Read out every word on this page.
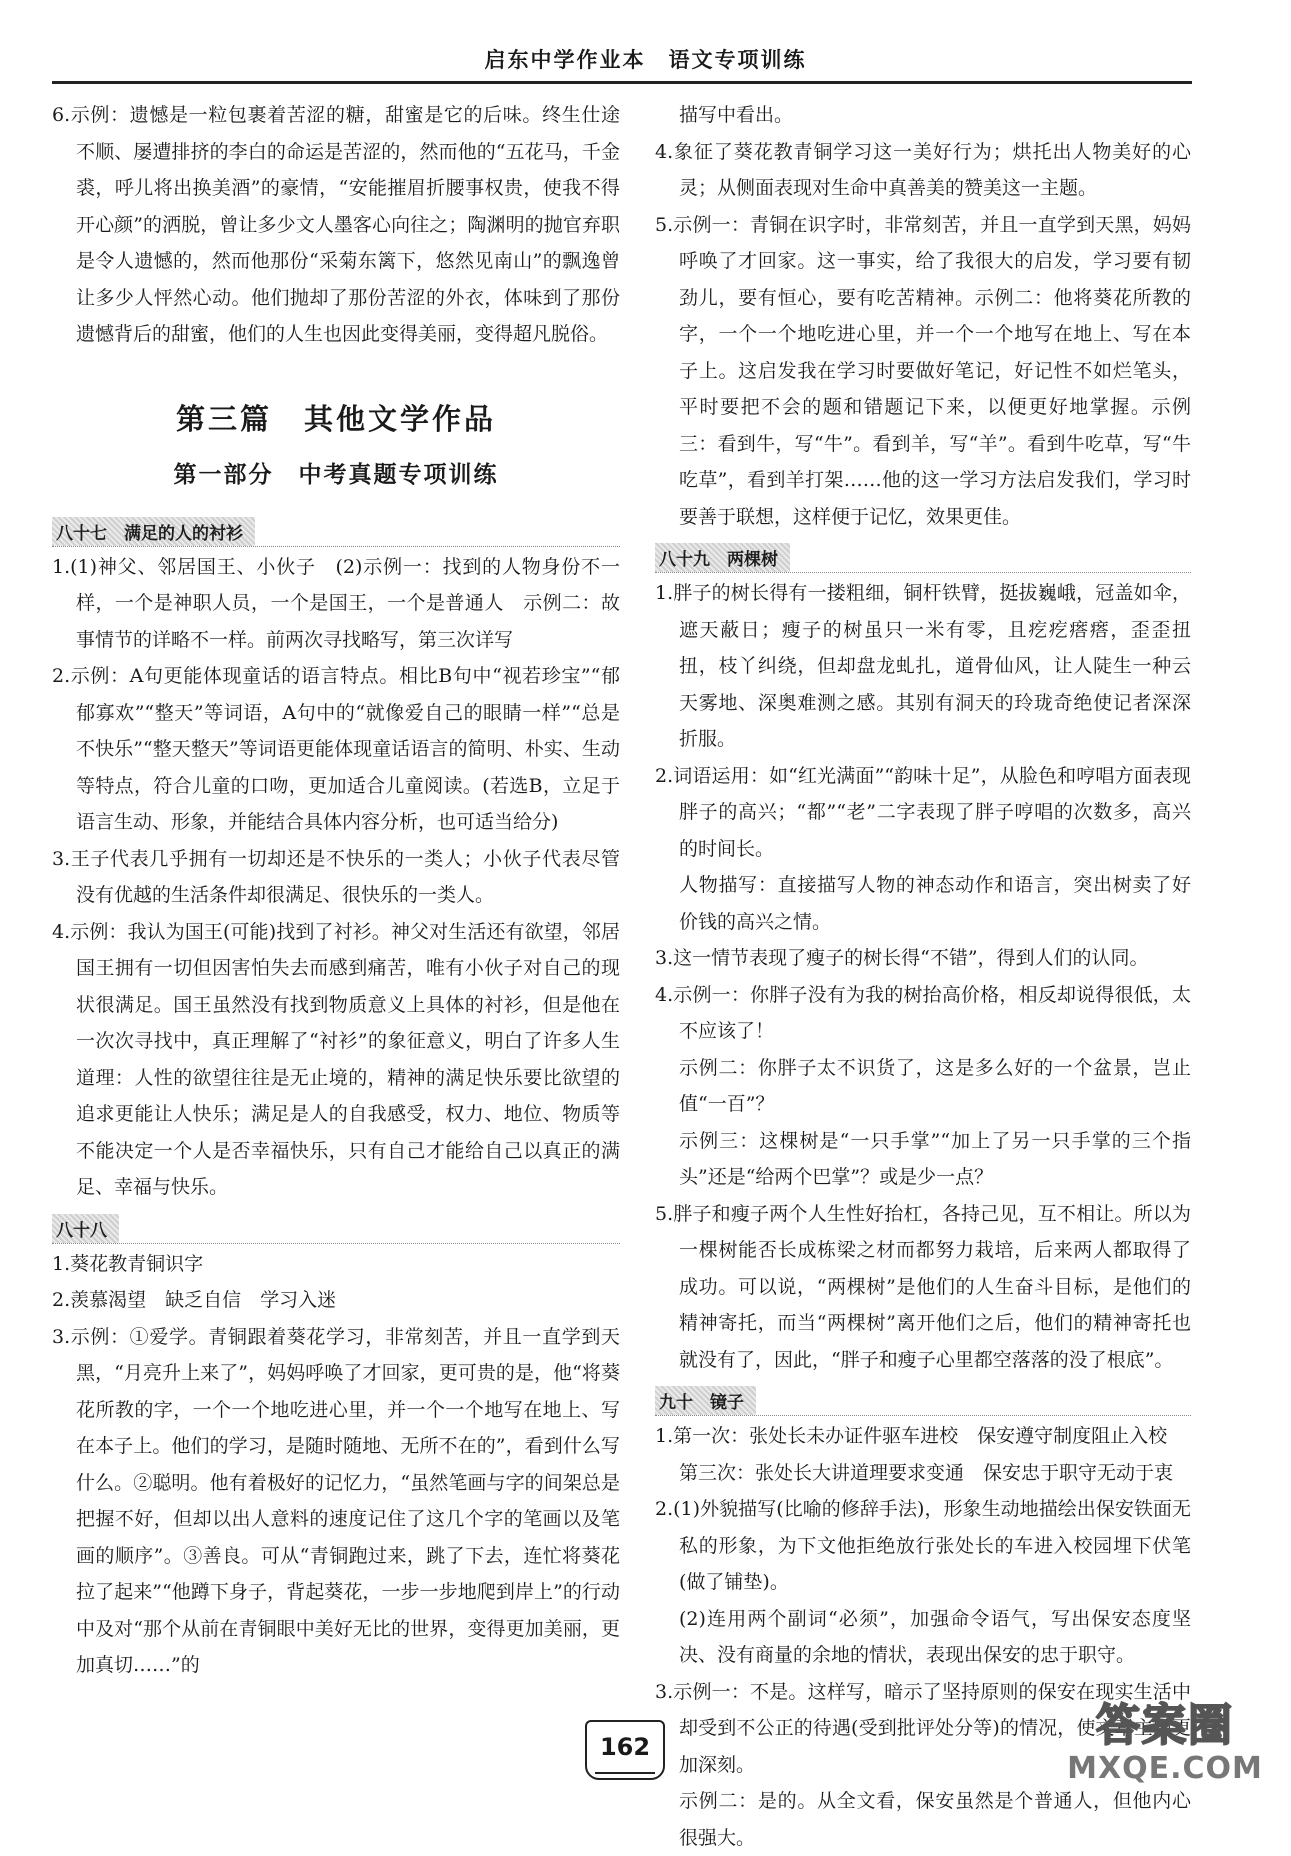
启东中学作业本　语文专项训练

6.示例：遗憾是一粒包裹着苦涩的糖，甜蜜是它的后味。终生仕途不顺、屡遭排挤的李白的命运是苦涩的，然而他的“五花马，千金裘，呼儿将出换美酒”的豪情，“安能摧眉折腰事权贵，使我不得开心颜”的洒脱，曾让多少文人墨客心向往之；陶渊明的抛官弃职是令人遗憾的，然而他那份“采菊东篱下，悠然见南山”的飘逸曾让多少人怦然心动。他们抛却了那份苦涩的外衣，体味到了那份遗憾背后的甜蜜，他们的人生也因此变得美丽，变得超凡脱俗。

第三篇　其他文学作品

第一部分　中考真题专项训练

八十七　满足的人的衬衫

1.(1)神父、邻居国王、小伙子　(2)示例一：找到的人物身份不一样，一个是神职人员，一个是国王，一个是普通人　示例二：故事情节的详略不一样。前两次寻找略写，第三次详写

2.示例：A句更能体现童话的语言特点。相比B句中“视若珍宝”“郁郁寡欢”“整天”等词语，A句中的“就像爱自己的眼睛一样”“总是不快乐”“整天整天”等词语更能体现童话语言的简明、朴实、生动等特点，符合儿童的口吻，更加适合儿童阅读。(若选B，立足于语言生动、形象，并能结合具体内容分析，也可适当给分)

3.王子代表几乎拥有一切却还是不快乐的一类人；小伙子代表尽管没有优越的生活条件却很满足、很快乐的一类人。

4.示例：我认为国王(可能)找到了衬衫。神父对生活还有欲望，邻居国王拥有一切但因害怕失去而感到痛苦，唯有小伙子对自己的现状很满足。国王虽然没有找到物质意义上具体的衬衫，但是他在一次次寻找中，真正理解了“衬衫”的象征意义，明白了许多人生道理：人性的欲望往往是无止境的，精神的满足快乐要比欲望的追求更能让人快乐；满足是人的自我感受，权力、地位、物质等不能决定一个人是否幸福快乐，只有自己才能给自己以真正的满足、幸福与快乐。

八十八

1.葵花教青铜识字

2.羡慕渴望　缺乏自信　学习入迷

3.示例：①爱学。青铜跟着葵花学习，非常刻苦，并且一直学到天黑，“月亮升上来了”，妈妈呼唤了才回家，更可贵的是，他“将葵花所教的字，一个一个地吃进心里，并一个一个地写在地上、写在本子上。他们的学习，是随时随地、无所不在的”，看到什么写什么。②聪明。他有着极好的记忆力，“虽然笔画与字的间架总是把握不好，但却以出人意料的速度记住了这几个字的笔画以及笔画的顺序”。③善良。可从“青铜跑过来，跳了下去，连忙将葵花拉了起来”“他蹲下身子，背起葵花，一步一步地爬到岸上”的行动中及对“那个从前在青铜眼中美好无比的世界，变得更加美丽，更加真切……”的

描写中看出。

4.象征了葵花教青铜学习这一美好行为；烘托出人物美好的心灵；从侧面表现对生命中真善美的赞美这一主题。

5.示例一：青铜在识字时，非常刻苦，并且一直学到天黑，妈妈呼唤了才回家。这一事实，给了我很大的启发，学习要有韧劲儿，要有恒心，要有吃苦精神。示例二：他将葵花所教的字，一个一个地吃进心里，并一个一个地写在地上、写在本子上。这启发我在学习时要做好笔记，好记性不如烂笔头，平时要把不会的题和错题记下来，以便更好地掌握。示例三：看到牛，写“牛”。看到羊，写“羊”。看到牛吃草，写“牛吃草”，看到羊打架……他的这一学习方法启发我们，学习时要善于联想，这样便于记忆，效果更佳。

八十九　两棵树

1.胖子的树长得有一搂粗细，铜杆铁臂，挺拔巍峨，冠盖如伞，遮天蔽日；瘦子的树虽只一米有零，且疙疙瘩瘩，歪歪扭扭，枝丫纠绕，但却盘龙虬扎，道骨仙风，让人陡生一种云天雾地、深奥难测之感。其别有洞天的玲珑奇绝使记者深深折服。

2.词语运用：如“红光满面”“韵味十足”，从脸色和哼唱方面表现胖子的高兴；“都”“老”二字表现了胖子哼唱的次数多，高兴的时间长。

人物描写：直接描写人物的神态动作和语言，突出树卖了好价钱的高兴之情。

3.这一情节表现了瘦子的树长得“不错”，得到人们的认同。

4.示例一：你胖子没有为我的树抬高价格，相反却说得很低，太不应该了！

示例二：你胖子太不识货了，这是多么好的一个盆景，岂止值“一百”？

示例三：这棵树是“一只手掌”“加上了另一只手掌的三个指头”还是“给两个巴掌”？或是少一点？

5.胖子和瘦子两个人生性好抬杠，各持己见，互不相让。所以为一棵树能否长成栋梁之材而都努力栽培，后来两人都取得了成功。可以说，“两棵树”是他们的人生奋斗目标，是他们的精神寄托，而当“两棵树”离开他们之后，他们的精神寄托也就没有了，因此，“胖子和瘦子心里都空落落的没了根底”。

九十　镜子

1.第一次：张处长未办证件驱车进校　保安遵守制度阻止入校

第三次：张处长大讲道理要求变通　保安忠于职守无动于衷

2.(1)外貌描写(比喻的修辞手法)，形象生动地描绘出保安铁面无私的形象，为下文他拒绝放行张处长的车进入校园埋下伏笔(做了铺垫)。

(2)连用两个副词“必须”，加强命令语气，写出保安态度坚决、没有商量的余地的情状，表现出保安的忠于职守。

3.示例一：不是。这样写，暗示了坚持原则的保安在现实生活中却受到不公正的待遇(受到批评处分等)的情况，使文章主题更加深刻。

示例二：是的。从全文看，保安虽然是个普通人，但他内心很强大。

162	答案圈
MXQE.COM
